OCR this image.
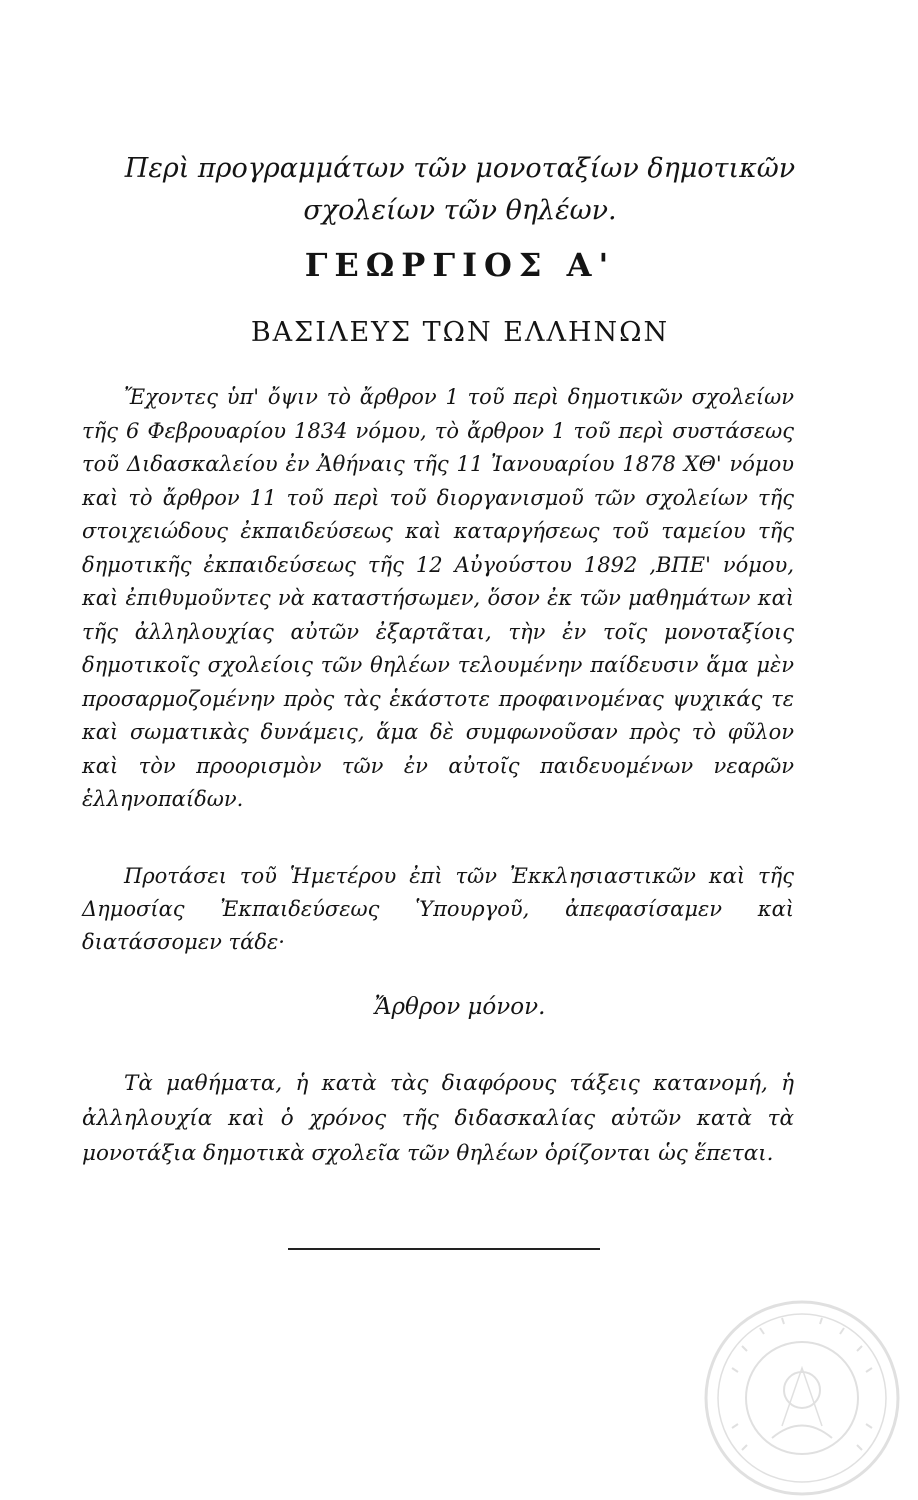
Περὶ προγραμμάτων τῶν μονοταξίων δημοτικῶν
σχολείων τῶν θηλέων.
ΓΕΩΡΓΙΟΣ Α'
ΒΑΣΙΛΕΥΣ ΤΩΝ ΕΛΛΗΝΩΝ

Ἔχοντες ὑπ' ὄψιν τὸ ἄρθρον 1 τοῦ περὶ δημοτικῶν σχολείων τῆς 6 Φεβρουαρίου 1834 νόμου, τὸ ἄρθρον 1 τοῦ περὶ συστάσεως τοῦ Διδασκαλείου ἐν Ἀθήναις τῆς 11 Ἰανουαρίου 1878 ΧΘ' νόμου καὶ τὸ ἄρθρον 11 τοῦ περὶ τοῦ διοργανισμοῦ τῶν σχολείων τῆς στοιχειώδους ἐκπαιδεύσεως καὶ καταργήσεως τοῦ ταμείου τῆς δημοτικῆς ἐκπαιδεύσεως τῆς 12 Αὐγούστου 1892 ,ΒΠΕ' νόμου, καὶ ἐπιθυμοῦντες νὰ καταστήσωμεν, ὅσον ἐκ τῶν μαθημάτων καὶ τῆς ἀλληλουχίας αὐτῶν ἐξαρτᾶται, τὴν ἐν τοῖς μονοταξίοις δημοτικοῖς σχολείοις τῶν θηλέων τελουμένην παίδευσιν ἅμα μὲν προσαρμοζομένην πρὸς τὰς ἑκάστοτε προφαινομένας ψυχικάς τε καὶ σωματικὰς δυνάμεις, ἅμα δὲ συμφωνοῦσαν πρὸς τὸ φῦλον καὶ τὸν προορισμὸν τῶν ἐν αὐτοῖς παιδευομένων νεαρῶν ἑλληνοπαίδων.

Προτάσει τοῦ Ἡμετέρου ἐπὶ τῶν Ἐκκλησιαστικῶν καὶ τῆς Δημοσίας Ἐκπαιδεύσεως Ὑπουργοῦ, ἀπεφασίσαμεν καὶ διατάσσομεν τάδε·

Ἄρθρον μόνον.

Τὰ μαθήματα, ἡ κατὰ τὰς διαφόρους τάξεις κατανομή, ἡ ἀλληλουχία καὶ ὁ χρόνος τῆς διδασκαλίας αὐτῶν κατὰ τὰ μονοτάξια δημοτικὰ σχολεῖα τῶν θηλέων ὁρίζονται ὡς ἕπεται.
